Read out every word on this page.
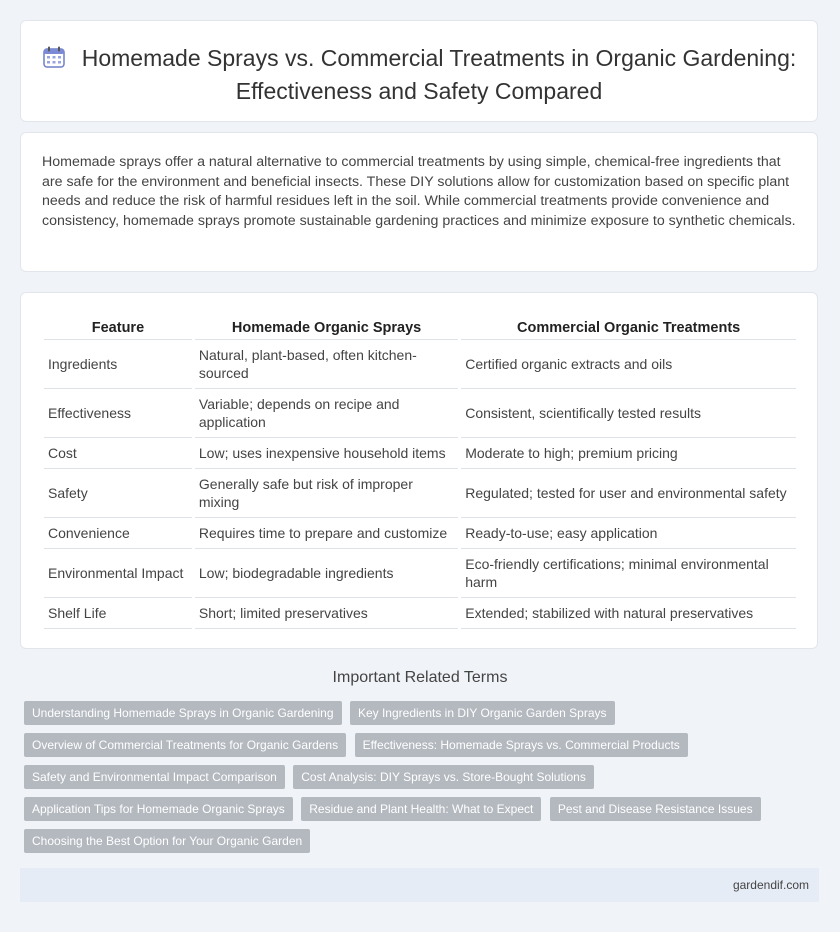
Homemade Sprays vs. Commercial Treatments in Organic Gardening: Effectiveness and Safety Compared

Homemade sprays offer a natural alternative to commercial treatments by using simple, chemical-free ingredients that are safe for the environment and beneficial insects. These DIY solutions allow for customization based on specific plant needs and reduce the risk of harmful residues left in the soil. While commercial treatments provide convenience and consistency, homemade sprays promote sustainable gardening practices and minimize exposure to synthetic chemicals.

Feature	Homemade Organic Sprays	Commercial Organic Treatments
Ingredients	Natural, plant-based, often kitchen-sourced	Certified organic extracts and oils
Effectiveness	Variable; depends on recipe and application	Consistent, scientifically tested results
Cost	Low; uses inexpensive household items	Moderate to high; premium pricing
Safety	Generally safe but risk of improper mixing	Regulated; tested for user and environmental safety
Convenience	Requires time to prepare and customize	Ready-to-use; easy application
Environmental Impact	Low; biodegradable ingredients	Eco-friendly certifications; minimal environmental harm
Shelf Life	Short; limited preservatives	Extended; stabilized with natural preservatives
Important Related Terms
Understanding Homemade Sprays in Organic Gardening Key Ingredients in DIY Organic Garden Sprays
Overview of Commercial Treatments for Organic Gardens Effectiveness: Homemade Sprays vs. Commercial Products
Safety and Environmental Impact Comparison Cost Analysis: DIY Sprays vs. Store-Bought Solutions
Application Tips for Homemade Organic Sprays Residue and Plant Health: What to Expect Pest and Disease Resistance Issues
Choosing the Best Option for Your Organic Garden
gardendif.com
